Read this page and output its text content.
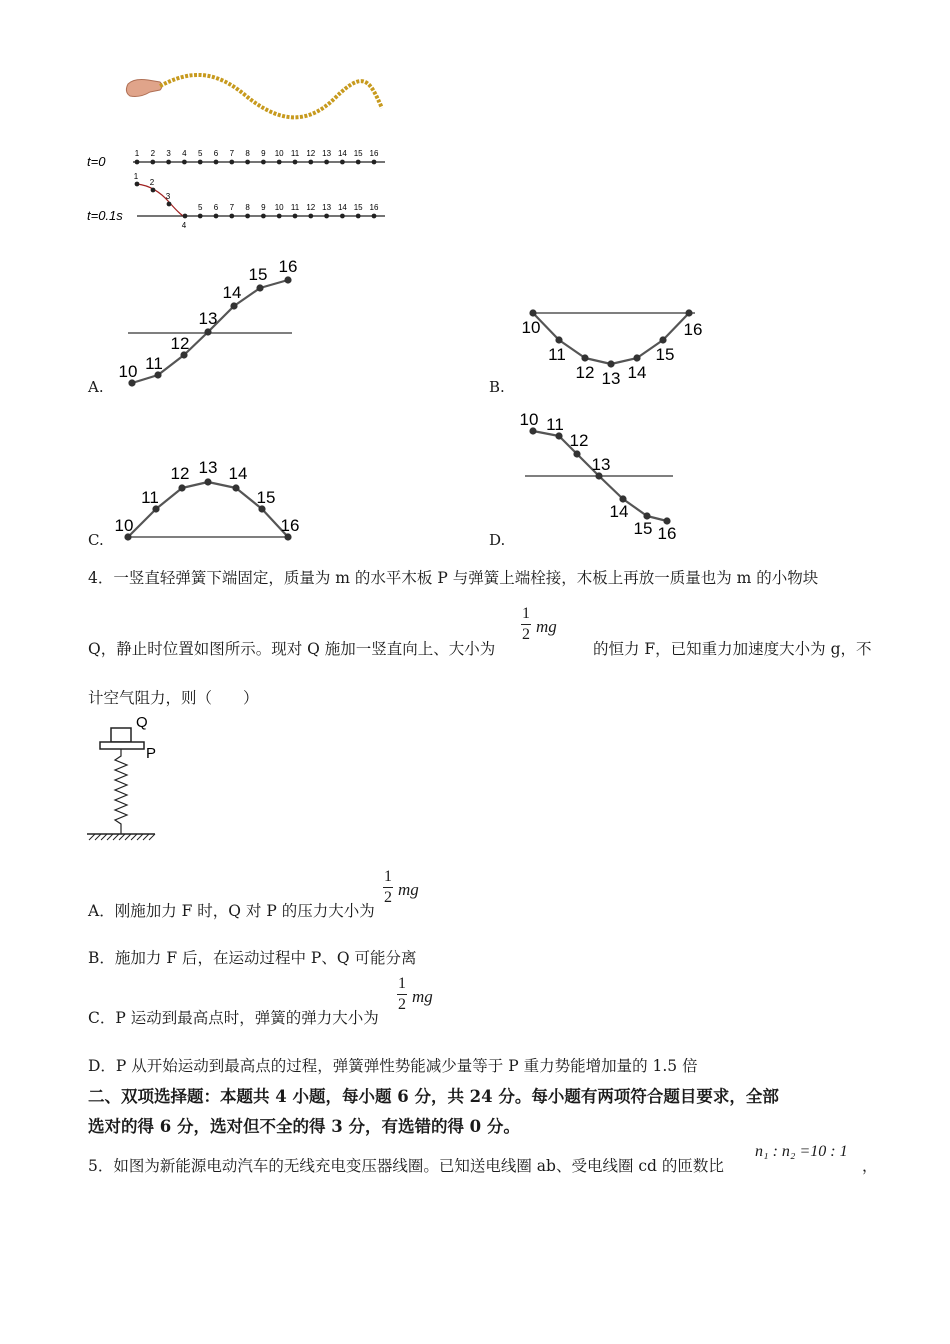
t=0
t=0.1s
1 2 3 4 5 6 7 8 9 10 11 12 13 14 15 16
5 6 7 8 9 10 11 12 13 14 15 16
1
2
3
4
10 11
12
13
14
15 16
A.
10
11
12 13 14
15
16
B.
10
11
12 13 14
15
16
C.
10 11
12
13
14
15 16
D.
4．一竖直轻弹簧下端固定，质量为 m 的水平木板 P 与弹簧上端栓接，木板上再放一质量也为 m 的小物块
Q，静止时位置如图所示。现对 Q 施加一竖直向上、大小为
1
2 mg
的恒力 F，已知重力加速度大小为 g，不
计空气阻力，则（　　）
Q
P
A．刚施加力 F 时，Q 对 P 的压力大小为
1
2 mg
B．施加力 F 后，在运动过程中 P、Q 可能分离
C．P 运动到最高点时，弹簧的弹力大小为
1
2 mg
D．P 从开始运动到最高点的过程，弹簧弹性势能减少量等于 P 重力势能增加量的 1.5 倍
二、双项选择题：本题共 4 小题，每小题 6 分，共 24 分。每小题有两项符合题目要求，全部
选对的得 6 分，选对但不全的得 3 分，有选错的得 0 分。
5．如图为新能源电动汽车的无线充电变压器线圈。已知送电线圈 ab、受电线圈 cd 的匝数比
n₁ : n₂ =10 : 1
，
